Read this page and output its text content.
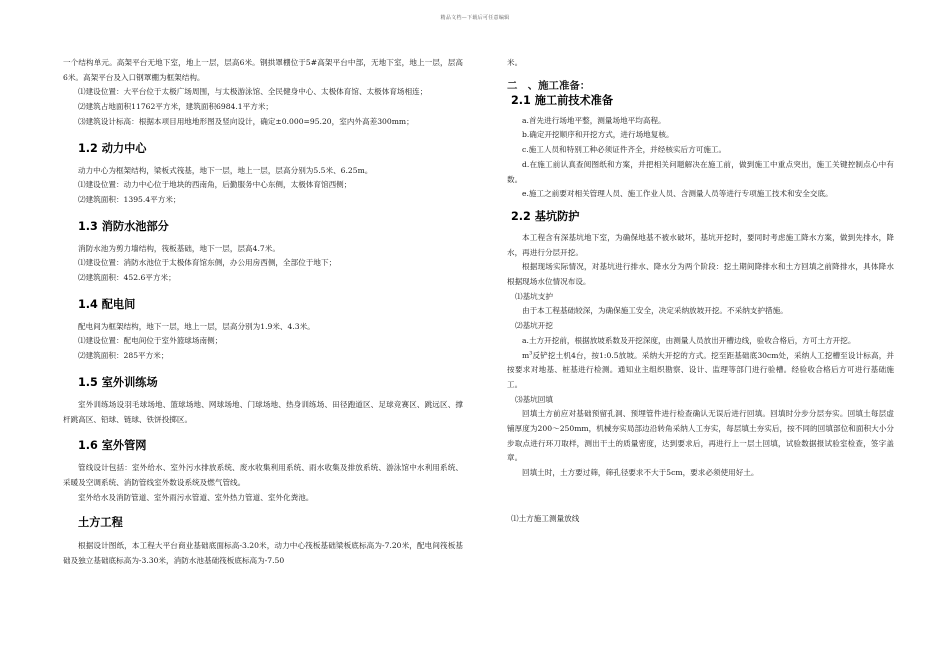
精品文档—下载后可任意编辑

一个结构单元。高架平台无地下室，地上一层，层高6米。钢拱罩棚位于5#高架平台中部，无地下室，地上一层，层高6米。高架平台及入口钢罩棚为框架结构。

⑴建设位置：大平台位于太极广场周围，与太极游泳馆、全民健身中心、太极体育馆、太极体育场相连；

⑵建筑占地面积11762平方米，建筑面积6984.1平方米；

⑶建筑设计标高：根据本项目用地地形图及竖向设计，确定±0.000=95.20，室内外高差300mm；

1.2 动力中心

动力中心为框架结构，梁板式筏基，地下一层，地上一层，层高分别为5.5米、6.25m。

⑴建设位置：动力中心位于地块的西南角，后勤服务中心东侧，太极体育馆西侧；

⑵建筑面积：1395.4平方米；

1.3 消防水池部分

消防水池为剪力墙结构，筏板基础，地下一层，层高4.7米。

⑴建设位置：消防水池位于太极体育馆东侧，办公用房西侧，全部位于地下；

⑵建筑面积：452.6平方米；

1.4 配电间

配电间为框架结构，地下一层，地上一层，层高分别为1.9米、4.3米。

⑴建设位置：配电间位于室外篮球场南侧；

⑵建筑面积：285平方米；

1.5 室外训练场

室外训练场设羽毛球场地、篮球场地、网球场地、门球场地、热身训练场、田径跑道区、足球竞赛区、跳远区、撑杆跳高区、铅球、链球、铁饼投掷区。

1.6 室外管网

管线设计包括：室外给水、室外污水排放系统、废水收集利用系统、雨水收集及排放系统、游泳馆中水利用系统、采暖及空调系统、消防管线室外数设系统及燃气管线。

室外给水及消防管道、室外雨污水管道、室外热力管道、室外化粪池。

土方工程

根据设计图纸，本工程大平台商业基础底面标高-3.20米，动力中心筏板基础梁板底标高为-7.20米，配电间筏板基础及独立基础底标高为-3.30米，消防水池基础筏板底标高为-7.50

米。

二　、施工准备：
2.1 施工前技术准备

a.首先进行场地平整，测量场地平均高程。

b.确定开挖顺序和开挖方式，进行场地复核。

c.施工人员和特别工种必须证件齐全，并经核实后方可施工。

d.在施工前认真查阅图纸和方案，并把相关问题解决在施工前，做到施工中重点突出，施工关键控制点心中有数。

e.施工之前要对相关管理人员、施工作业人员、含测量人员等进行专项施工技术和安全交底。

2.2 基坑防护

本工程含有深基坑地下室，为确保地基不被水破坏，基坑开挖时，要同时考虑施工降水方案，做到先排水，降水，再进行分层开挖。

根据现场实际情况，对基坑进行排水、降水分为两个阶段：挖土期间降排水和土方回填之前降排水，具体降水根据现场水位情况布设。

⑴基坑支护

由于本工程基础较深，为确保施工安全，决定采纳放坡开挖。不采纳支护措施。

⑵基坑开挖

a.土方开挖前，根据放坡系数及开挖深度，由测量人员放出开槽边线，验收合格后，方可土方开挖。

$m^3$反铲挖土机4台，按1:0.5放坡。采纳大开挖的方式。挖至距基础底30cm处，采纳人工挖槽至设计标高，并按要求对地基、桩基进行检测。通知业主组织勘察、设计、监理等部门进行验槽。经验收合格后方可进行基础施工。

⑶基坑回填

回填土方前应对基础预留孔洞、预埋管件进行检查确认无误后进行回填。回填时分步分层夯实。回填土每层虚铺厚度为200～250mm，机械夯实局部边沿转角采纳人工夯实，每层填土夯实后，按不同的回填部位和面积大小分步取点进行环刀取样，测出干土的质量密度，达到要求后，再进行上一层土回填，试验数据报试验室检查，签字盖章。

回填土时，土方要过筛，筛孔径要求不大于5cm，要求必须使用好土。

⑴土方施工测量放线
